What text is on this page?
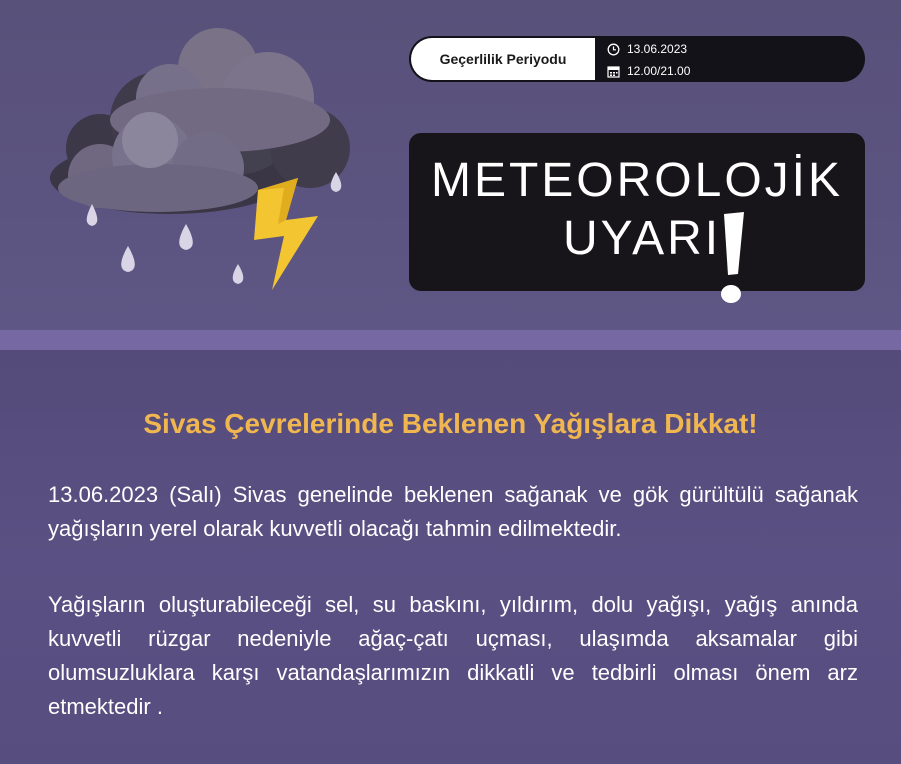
Geçerlilik Periyodu
13.06.2023
12.00/21.00
METEOROLOJİK
UYARI
Sivas Çevrelerinde Beklenen Yağışlara Dikkat!
13.06.2023 (Salı) Sivas genelinde beklenen sağanak ve gök gürültülü sağanak yağışların yerel olarak kuvvetli olacağı tahmin edilmektedir.
Yağışların oluşturabileceği sel, su baskını, yıldırım, dolu yağışı, yağış anında kuvvetli rüzgar nedeniyle ağaç-çatı uçması, ulaşımda aksamalar gibi olumsuzluklara karşı vatandaşlarımızın dikkatli ve tedbirli olması önem arz etmektedir .
